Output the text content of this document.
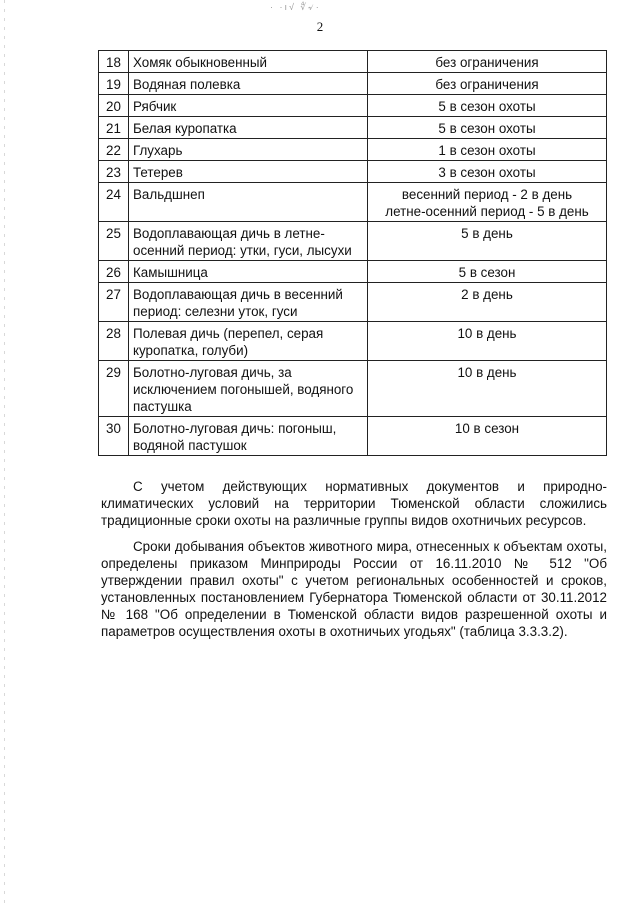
· ·ı√ ∜৵·
2
18	Хомяк обыкновенный	без ограничения

19	Водяная полевка	без ограничения

20	Рябчик	5 в сезон охоты

21	Белая куропатка	5 в сезон охоты

22	Глухарь	1 в сезон охоты

23	Тетерев	3 в сезон охоты

24	Вальдшнеп	весенний период - 2 в день
летне-осенний период - 5 в день

25	Водоплавающая дичь в летне-осенний период: утки, гуси, лысухи	5 в день

26	Камышница	5 в сезон

27	Водоплавающая дичь в весенний период: селезни уток, гуси	2 в день

28	Полевая дичь (перепел, серая куропатка, голуби)	10 в день

29	Болотно-луговая дичь, за исключением погонышей, водяного пастушка	10 в день

30	Болотно-луговая дичь: погоныш, водяной пастушок	10 в сезон

С учетом действующих нормативных документов и природно-климатических условий на территории Тюменской области сложились традиционные сроки охоты на различные группы видов охотничьих ресурсов.

Сроки добывания объектов животного мира, отнесенных к объектам охоты, определены приказом Минприроды России от 16.11.2010 № 512 "Об утверждении правил охоты" с учетом региональных особенностей и сроков, установленных постановлением Губернатора Тюменской области от 30.11.2012 № 168 "Об определении в Тюменской области видов разрешенной охоты и параметров осуществления охоты в охотничьих угодьях" (таблица 3.3.3.2).
